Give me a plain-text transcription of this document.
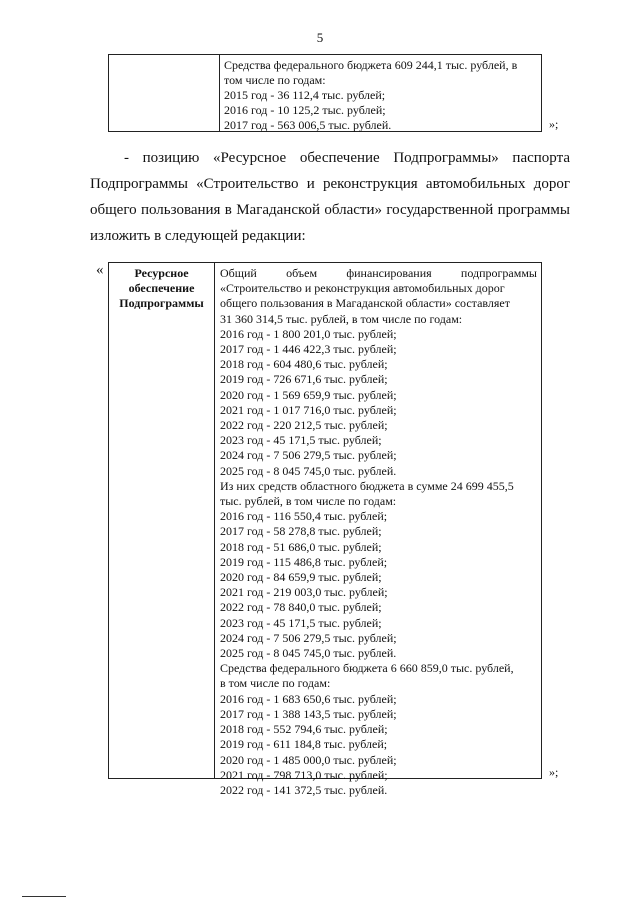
5
Средства федерального бюджета 609 244,1 тыс. рублей, в
том числе по годам:
2015 год - 36 112,4 тыс. рублей;
2016 год - 10 125,2 тыс. рублей;
2017 год - 563 006,5 тыс. рублей.	»;
- позицию «Ресурсное обеспечение Подпрограммы» паспорта
Подпрограммы «Строительство и реконструкция автомобильных дорог
общего пользования в Магаданской области» государственной программы
изложить в следующей редакции:
«	Ресурсное
обеспечение
Подпрограммы
Общий объем финансирования подпрограммы
«Строительство и реконструкция автомобильных дорог
общего пользования в Магаданской области» составляет
31 360 314,5 тыс. рублей, в том числе по годам:
2016 год - 1 800 201,0 тыс. рублей;
2017 год - 1 446 422,3 тыс. рублей;
2018 год - 604 480,6 тыс. рублей;
2019 год - 726 671,6 тыс. рублей;
2020 год - 1 569 659,9 тыс. рублей;
2021 год - 1 017 716,0 тыс. рублей;
2022 год - 220 212,5 тыс. рублей;
2023 год - 45 171,5 тыс. рублей;
2024 год - 7 506 279,5 тыс. рублей;
2025 год - 8 045 745,0 тыс. рублей.
Из них средств областного бюджета в сумме 24 699 455,5
тыс. рублей, в том числе по годам:
2016 год - 116 550,4 тыс. рублей;
2017 год - 58 278,8 тыс. рублей;
2018 год - 51 686,0 тыс. рублей;
2019 год - 115 486,8 тыс. рублей;
2020 год - 84 659,9 тыс. рублей;
2021 год - 219 003,0 тыс. рублей;
2022 год - 78 840,0 тыс. рублей;
2023 год - 45 171,5 тыс. рублей;
2024 год - 7 506 279,5 тыс. рублей;
2025 год - 8 045 745,0 тыс. рублей.
Средства федерального бюджета 6 660 859,0 тыс. рублей,
в том числе по годам:
2016 год - 1 683 650,6 тыс. рублей;
2017 год - 1 388 143,5 тыс. рублей;
2018 год - 552 794,6 тыс. рублей;
2019 год - 611 184,8 тыс. рублей;
2020 год - 1 485 000,0 тыс. рублей;
2021 год - 798 713,0 тыс. рублей;
2022 год - 141 372,5 тыс. рублей.
»;
